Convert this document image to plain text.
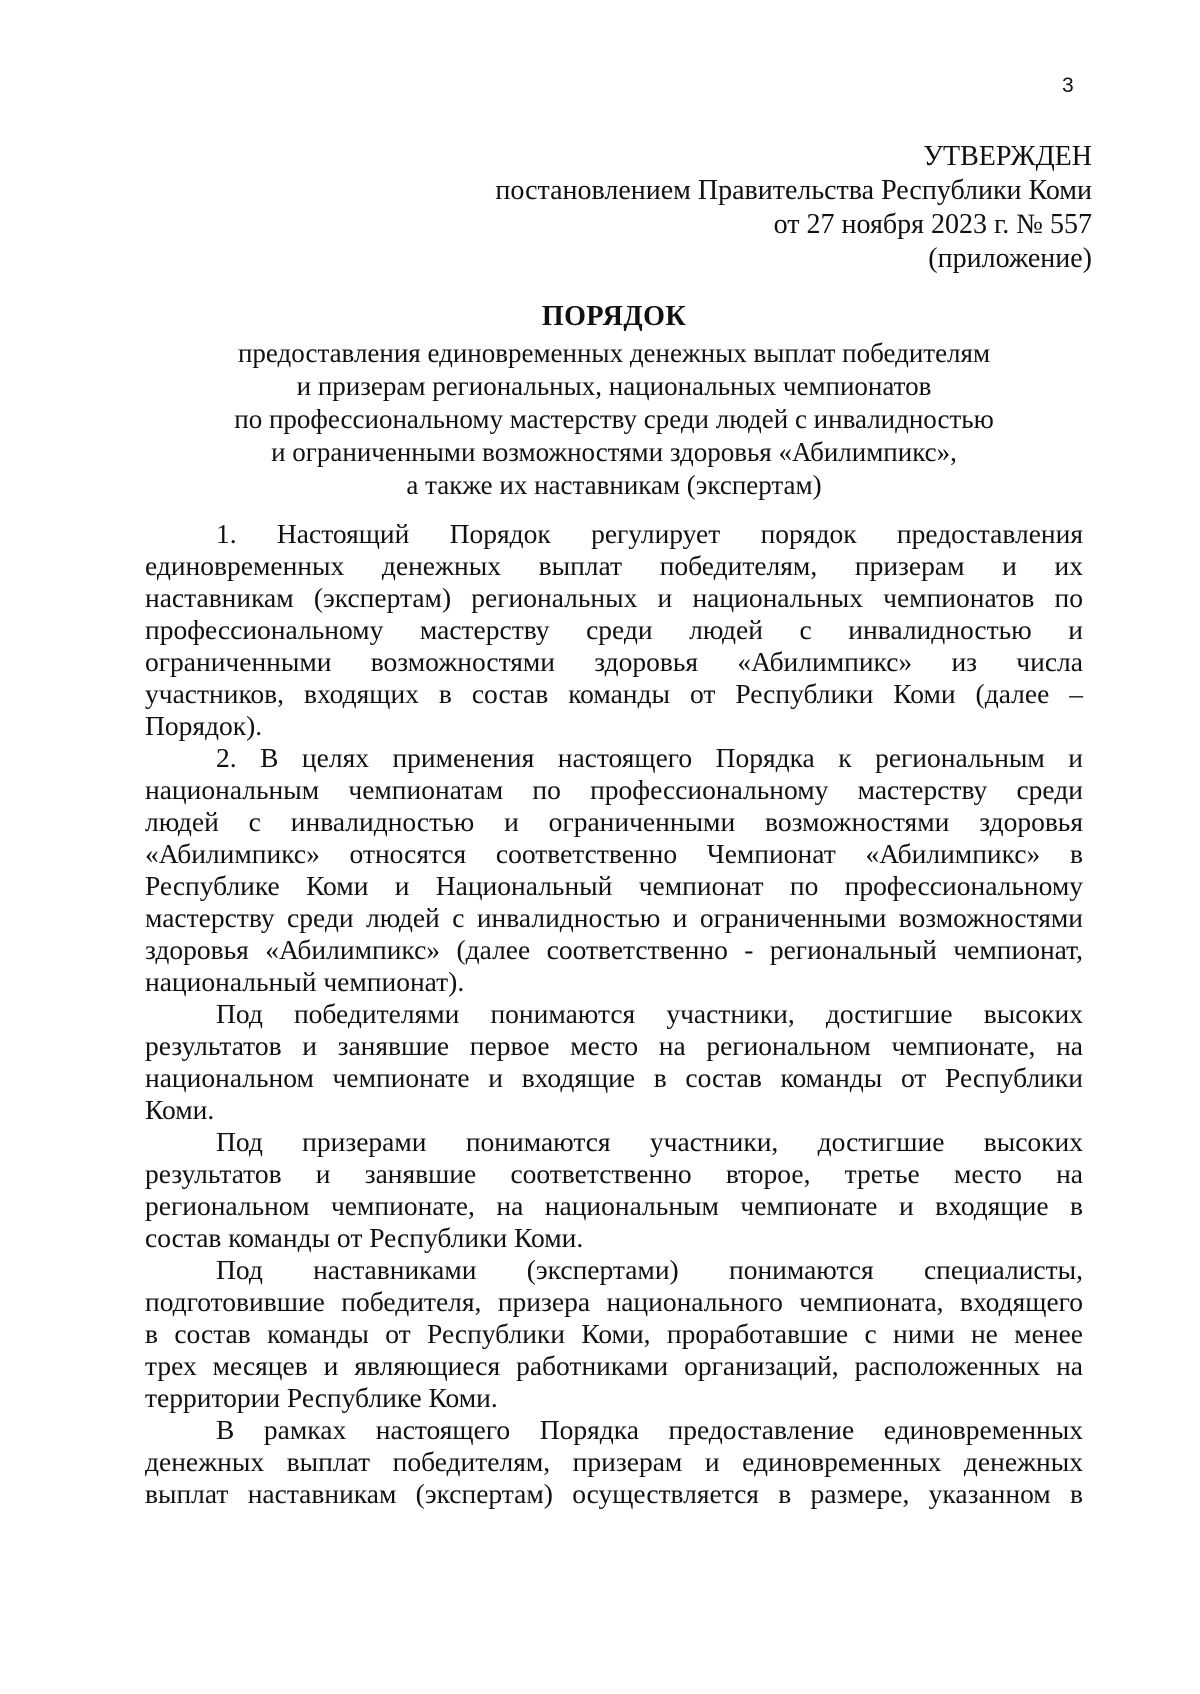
3
УТВЕРЖДЕН
постановлением Правительства Республики Коми
от 27 ноября 2023 г. № 557
(приложение)
ПОРЯДОК
предоставления единовременных денежных выплат победителям
и призерам региональных, национальных чемпионатов
по профессиональному мастерству среди людей с инвалидностью
и ограниченными возможностями здоровья «Абилимпикс»,
а также их наставникам (экспертам)
1. Настоящий Порядок регулирует порядок предоставления
единовременных денежных выплат победителям, призерам и их
наставникам (экспертам) региональных и национальных чемпионатов по
профессиональному мастерству среди людей с инвалидностью и
ограниченными возможностями здоровья «Абилимпикс» из числа
участников, входящих в состав команды от Республики Коми (далее –
Порядок).
2. В целях применения настоящего Порядка к региональным и
национальным чемпионатам по профессиональному мастерству среди
людей с инвалидностью и ограниченными возможностями здоровья
«Абилимпикс» относятся соответственно Чемпионат «Абилимпикс» в
Республике Коми и Национальный чемпионат по профессиональному
мастерству среди людей с инвалидностью и ограниченными возможностями
здоровья «Абилимпикс» (далее соответственно - региональный чемпионат,
национальный чемпионат).
Под победителями понимаются участники, достигшие высоких
результатов и занявшие первое место на региональном чемпионате, на
национальном чемпионате и входящие в состав команды от Республики
Коми.
Под призерами понимаются участники, достигшие высоких
результатов и занявшие соответственно второе, третье место на
региональном чемпионате, на национальным чемпионате и входящие в
состав команды от Республики Коми.
Под наставниками (экспертами) понимаются специалисты,
подготовившие победителя, призера национального чемпионата, входящего
в состав команды от Республики Коми, проработавшие с ними не менее
трех месяцев и являющиеся работниками организаций, расположенных на
территории Республике Коми.
В рамках настоящего Порядка предоставление единовременных
денежных выплат победителям, призерам и единовременных денежных
выплат наставникам (экспертам) осуществляется в размере, указанном в
